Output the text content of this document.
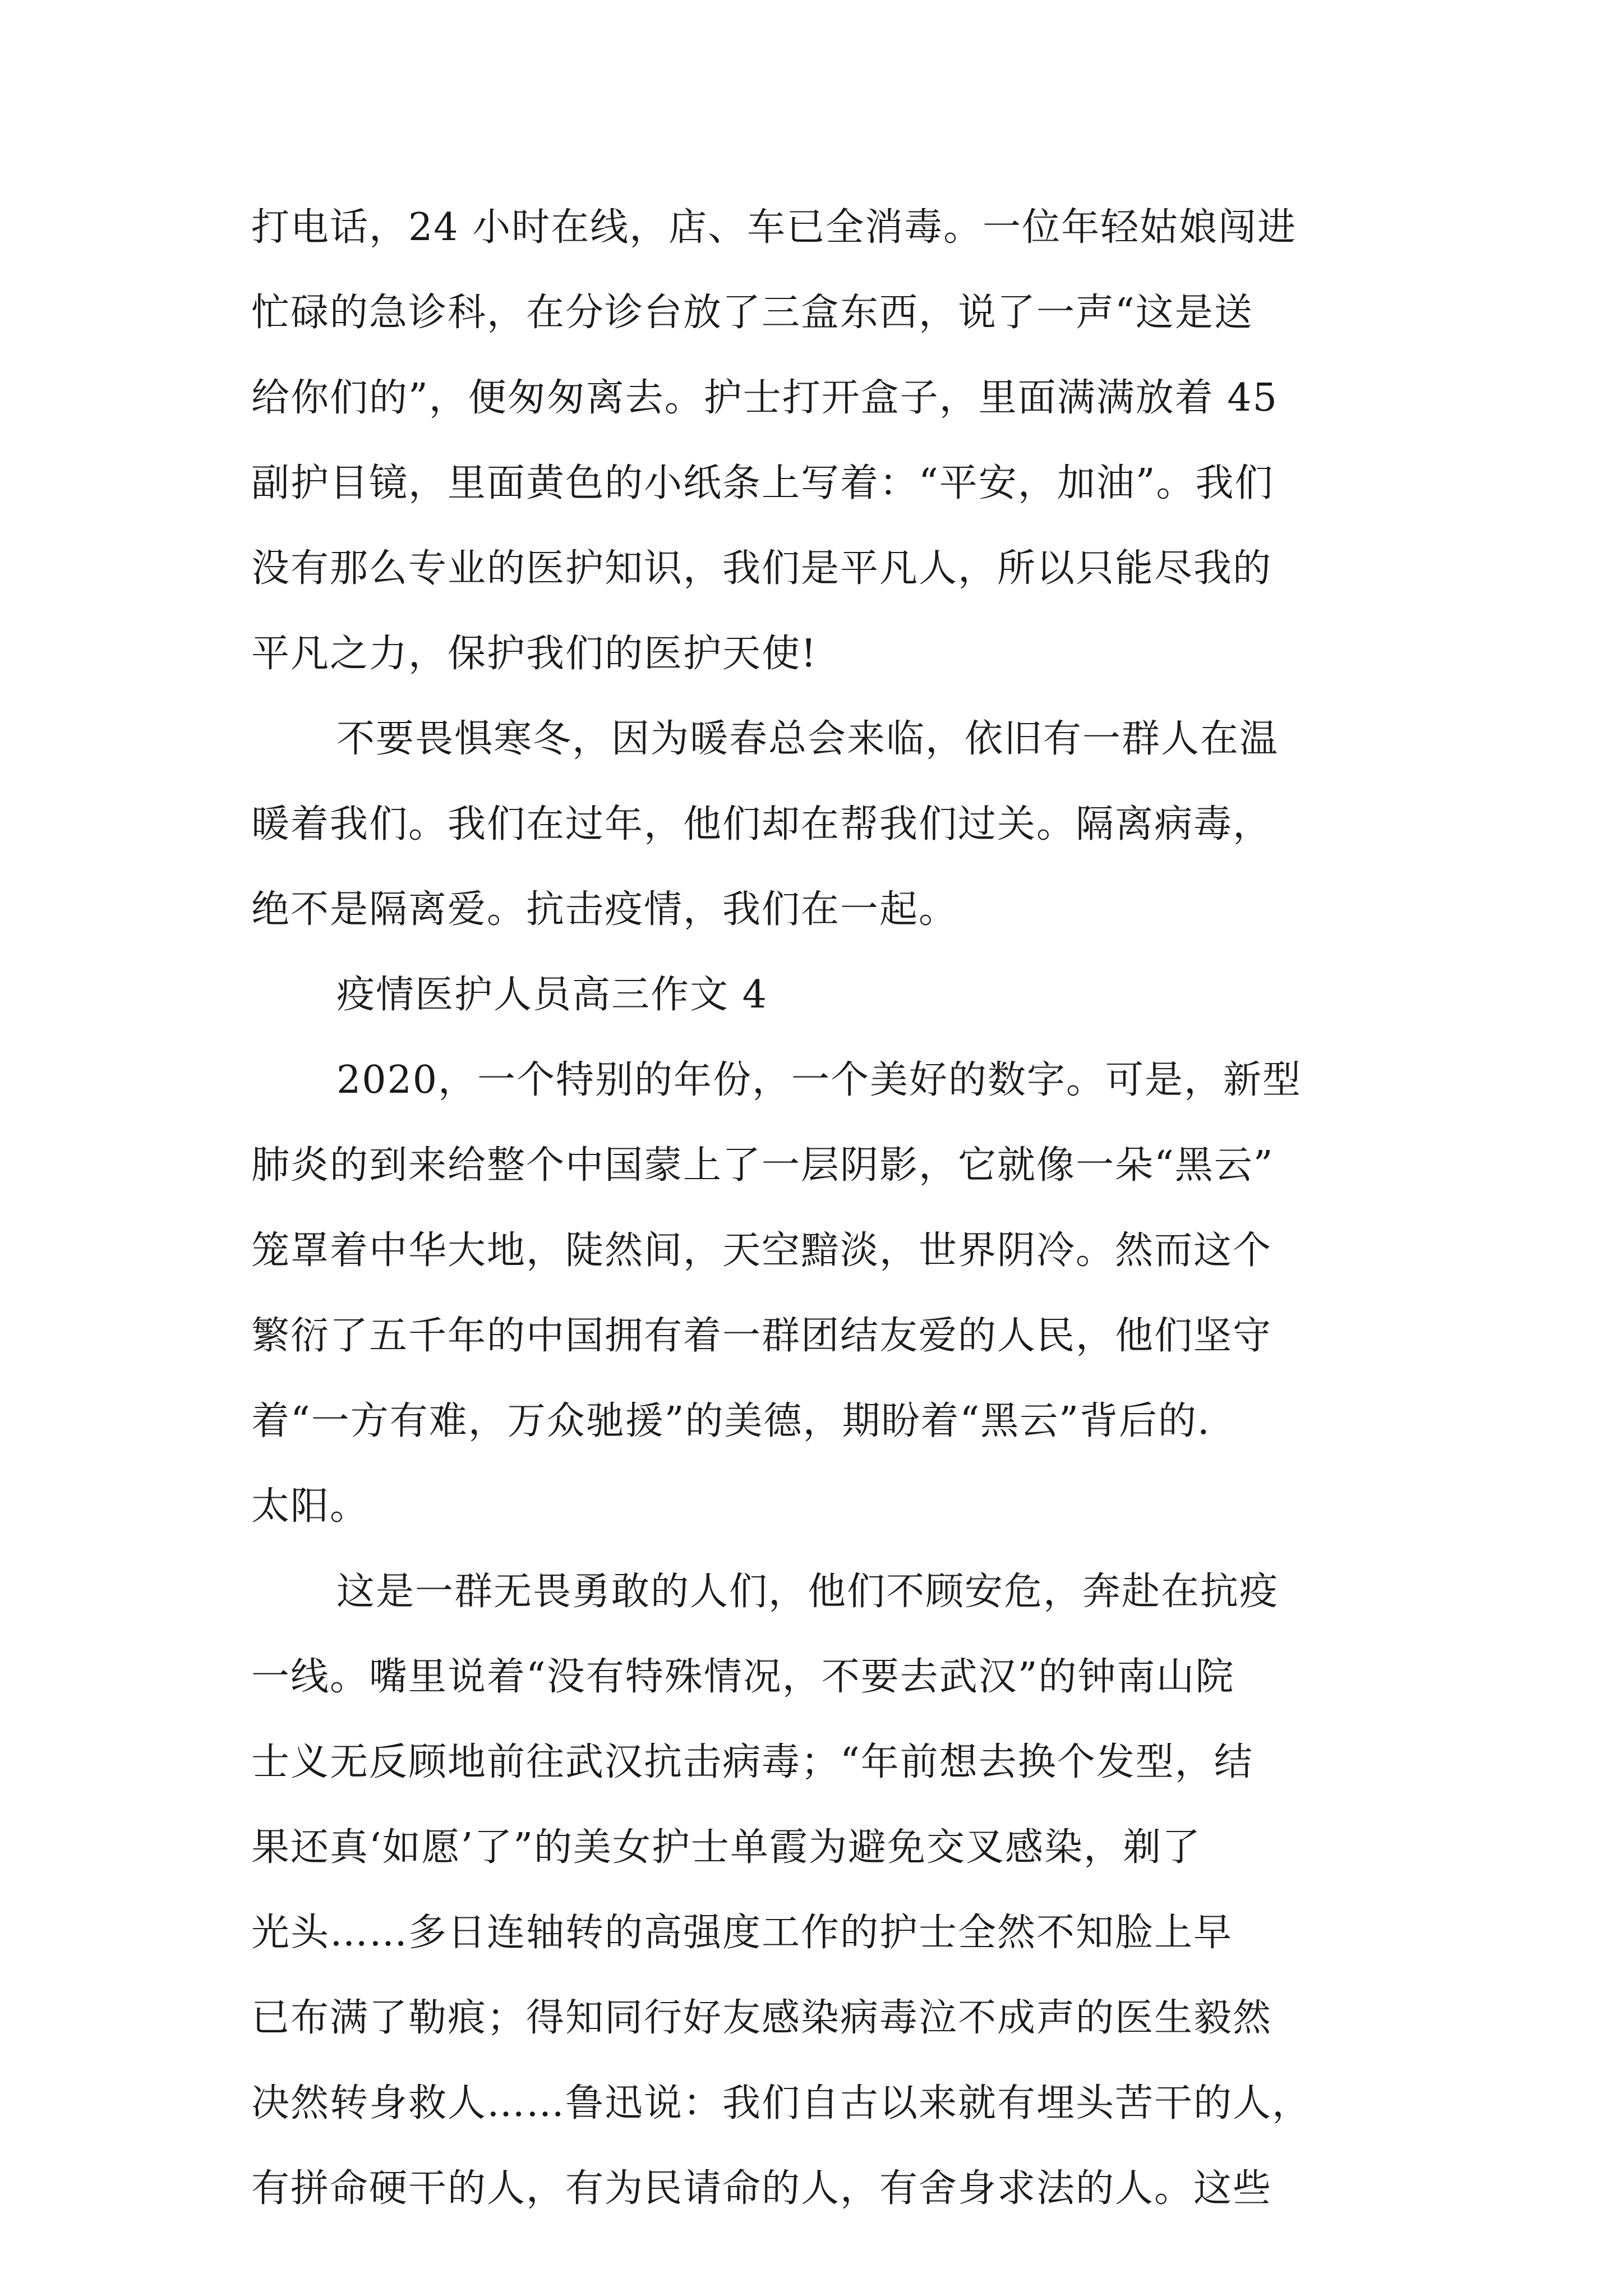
打电话，24 小时在线，店、车已全消毒。一位年轻姑娘闯进
忙碌的急诊科，在分诊台放了三盒东西，说了一声“这是送
给你们的”，便匆匆离去。护士打开盒子，里面满满放着 45
副护目镜，里面黄色的小纸条上写着：“平安，加油”。我们
没有那么专业的医护知识，我们是平凡人，所以只能尽我的
平凡之力，保护我们的医护天使!
不要畏惧寒冬，因为暖春总会来临，依旧有一群人在温
暖着我们。我们在过年，他们却在帮我们过关。隔离病毒，
绝不是隔离爱。抗击疫情，我们在一起。
疫情医护人员高三作文 4
2020，一个特别的年份，一个美好的数字。可是，新型
肺炎的到来给整个中国蒙上了一层阴影，它就像一朵“黑云”
笼罩着中华大地，陡然间，天空黯淡，世界阴冷。然而这个
繁衍了五千年的中国拥有着一群团结友爱的人民，他们坚守
着“一方有难，万众驰援”的美德，期盼着“黑云”背后的.
太阳。
这是一群无畏勇敢的人们，他们不顾安危，奔赴在抗疫
一线。嘴里说着“没有特殊情况，不要去武汉”的钟南山院
士义无反顾地前往武汉抗击病毒；“年前想去换个发型，结
果还真‘如愿’了”的美女护士单霞为避免交叉感染，剃了
光头……多日连轴转的高强度工作的护士全然不知脸上早
已布满了勒痕；得知同行好友感染病毒泣不成声的医生毅然
决然转身救人……鲁迅说：我们自古以来就有埋头苦干的人，
有拼命硬干的人，有为民请命的人，有舍身求法的人。这些
